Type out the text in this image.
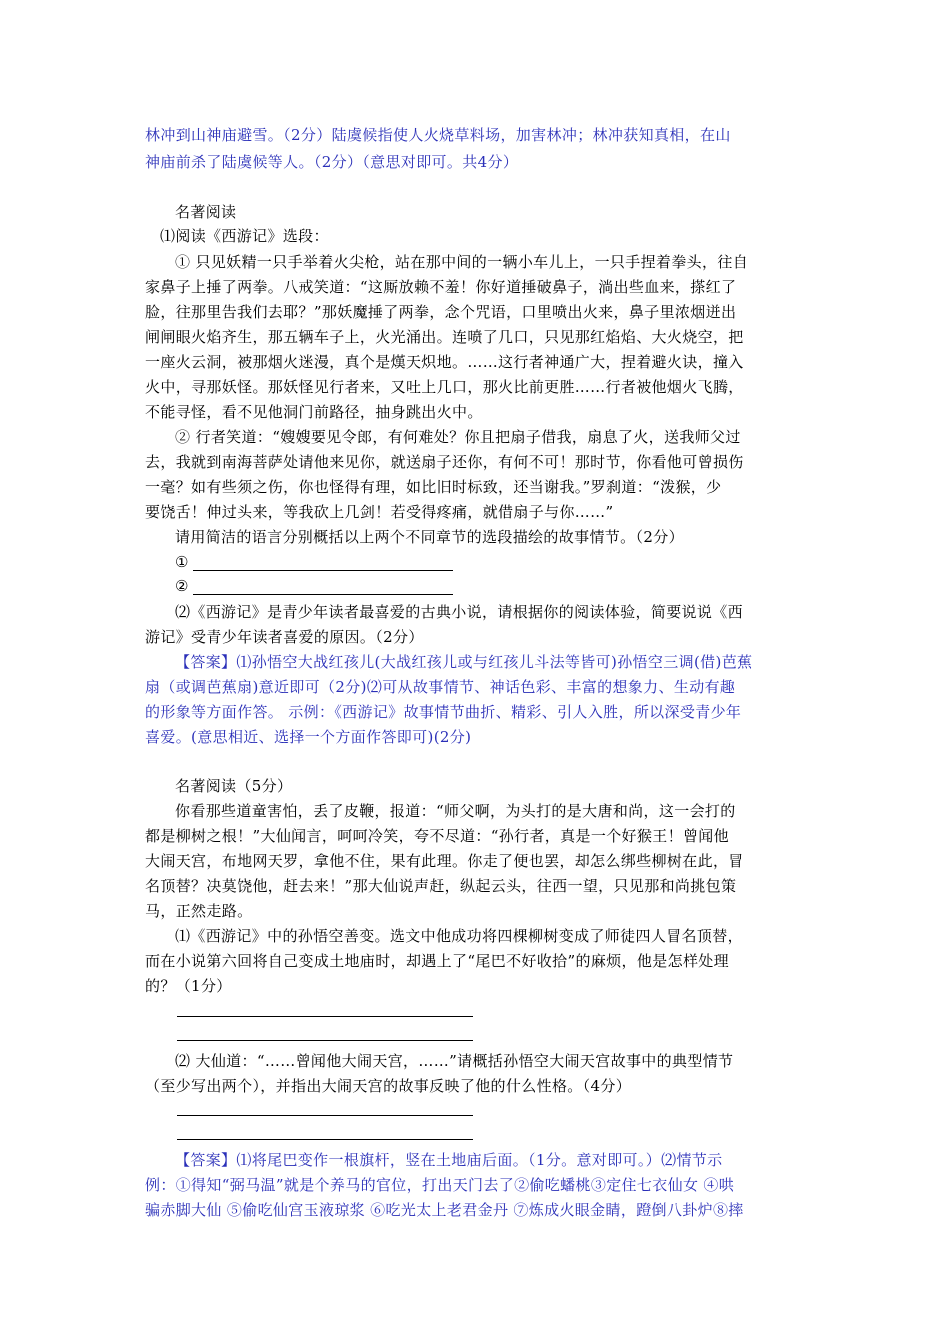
林冲到山神庙避雪。（2分）陆虞候指使人火烧草料场，加害林冲；林冲获知真相，在山
神庙前杀了陆虞候等人。（2分）（意思对即可。共4分）
名著阅读
⑴阅读《西游记》选段：
① 只见妖精一只手举着火尖枪，站在那中间的一辆小车儿上，一只手捏着拳头，往自
家鼻子上捶了两拳。八戒笑道：“这厮放赖不羞！你好道捶破鼻子，淌出些血来，搽红了
脸，往那里告我们去耶？”那妖魔捶了两拳，念个咒语，口里喷出火来，鼻子里浓烟迸出
闸闸眼火焰齐生，那五辆车子上，火光涌出。连喷了几口，只见那红焰焰、大火烧空，把
一座火云洞，被那烟火迷漫，真个是熯天炽地。……这行者神通广大，捏着避火诀，撞入
火中，寻那妖怪。那妖怪见行者来，又吐上几口，那火比前更胜……行者被他烟火飞腾，
不能寻怪，看不见他洞门前路径，抽身跳出火中。
② 行者笑道：“嫂嫂要见令郎，有何难处？你且把扇子借我，扇息了火，送我师父过
去，我就到南海菩萨处请他来见你，就送扇子还你，有何不可！那时节，你看他可曾损伤
一毫？如有些须之伤，你也怪得有理，如比旧时标致，还当谢我。”罗刹道：“泼猴，少
要饶舌！伸过头来，等我砍上几剑！若受得疼痛，就借扇子与你……”
请用简洁的语言分别概括以上两个不同章节的选段描绘的故事情节。（2分）
①
②
⑵《西游记》是青少年读者最喜爱的古典小说，请根据你的阅读体验，简要说说《西
游记》受青少年读者喜爱的原因。（2分）
【答案】⑴孙悟空大战红孩儿(大战红孩儿或与红孩儿斗法等皆可)孙悟空三调(借)芭蕉
扇（或调芭蕉扇)意近即可（2分)⑵可从故事情节、神话色彩、丰富的想象力、生动有趣
的形象等方面作答。 示例：《西游记》故事情节曲折、精彩、引人入胜，所以深受青少年
喜爱。(意思相近、选择一个方面作答即可)(2分)
名著阅读（5分）
你看那些道童害怕，丢了皮鞭，报道：“师父啊，为头打的是大唐和尚，这一会打的
都是柳树之根！”大仙闻言，呵呵冷笑，夸不尽道：“孙行者，真是一个好猴王！曾闻他
大闹天宫，布地网天罗，拿他不住，果有此理。你走了便也罢，却怎么绑些柳树在此，冒
名顶替？决莫饶他，赶去来！”那大仙说声赶，纵起云头，往西一望，只见那和尚挑包策
马，正然走路。
⑴《西游记》中的孙悟空善变。选文中他成功将四棵柳树变成了师徒四人冒名顶替，
而在小说第六回将自己变成土地庙时，却遇上了“尾巴不好收拾”的麻烦，他是怎样处理
的？（1分）
⑵ 大仙道：“……曾闻他大闹天宫，……”请概括孙悟空大闹天宫故事中的典型情节
（至少写出两个），并指出大闹天宫的故事反映了他的什么性格。（4分）
【答案】⑴将尾巴变作一根旗杆，竖在土地庙后面。（1分。意对即可。）⑵情节示
例：①得知“弼马温”就是个养马的官位，打出天门去了②偷吃蟠桃③定住七衣仙女 ④哄
骗赤脚大仙 ⑤偷吃仙宫玉液琼浆 ⑥吃光太上老君金丹 ⑦炼成火眼金睛，蹬倒八卦炉⑧摔
